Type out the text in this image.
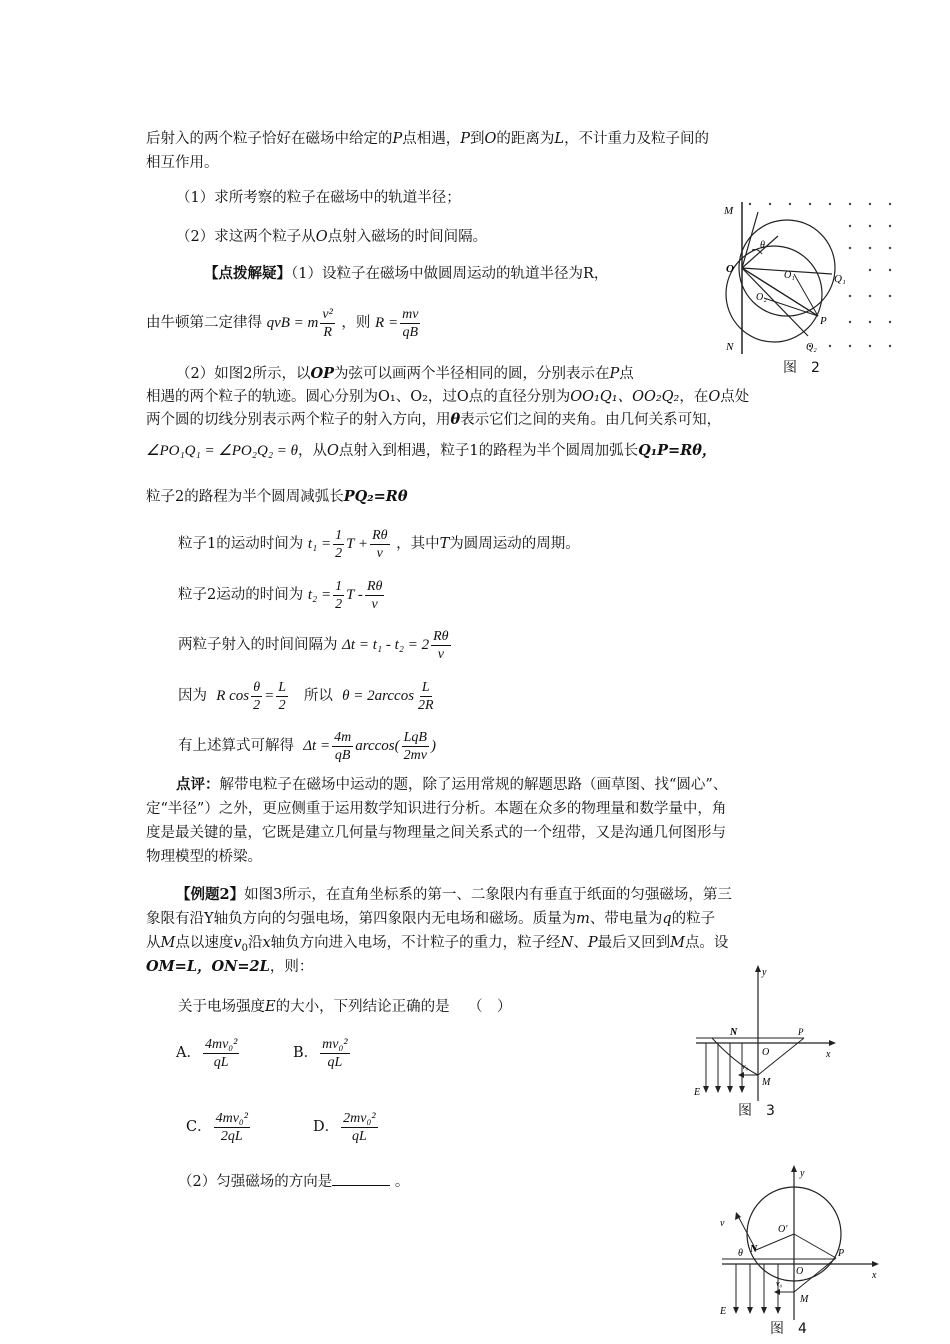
后射入的两个粒子恰好在磁场中给定的P点相遇，P到O的距离为L，不计重力及粒子间的
相互作用。
（1）求所考察的粒子在磁场中的轨道半径；
（2）求这两个粒子从O点射入磁场的时间间隔。
【点拨解疑】（1）设粒子在磁场中做圆周运动的轨道半径为R，
由牛顿第二定律得 qvB = m $\frac{\text{v²}}{R}$ ，则 $R = \frac{mv}{qB}$
（2）如图2所示，以OP为弦可以画两个半径相同的圆，分别表示在P点
相遇的两个粒子的轨迹。圆心分别为O₁、O₂，过O点的直径分别为OO₁Q₁、OO₂Q₂，在O点处
两个圆的切线分别表示两个粒子的射入方向，用θ表示它们之间的夹角。由几何关系可知，
∠PO₁Q₁ = ∠PO₂Q₂ = θ，从O点射入到相遇，粒子1的路程为半个圆周加弧长Q₁P=Rθ，
粒子2的路程为半个圆周减弧长PQ₂=Rθ
粒子1的运动时间为 $t_1 = \frac{1}{2}$ $T + \frac{R\theta}{v}$ ，其中T为圆周运动的周期。
粒子2运动的时间为 $t_2 = \frac{1}{2}$ T - $\frac{R\theta}{v}$
两粒子射入的时间间隔为 $\Delta t = t_1 - t_2 = 2 \frac{R\theta}{v}$
因为 R $\cos \frac{\theta}{2} = \frac{L}{2}$ 所以 $\theta = 2\arccos \frac{L}{2R}$
有上述算式可解得 $\Delta t = \frac{4m}{qB} \arccos( \frac{\text{LqB}}{2mv}$ )
点评：解带电粒子在磁场中运动的题，除了运用常规的解题思路（画草图、找“圆心”、
定“半径”）之外，更应侧重于运用数学知识进行分析。本题在众多的物理量和数学量中，角
度是最关键的量，它既是建立几何量与物理量之间关系式的一个纽带，又是沟通几何图形与
物理模型的桥梁。
【例题2】如图3所示，在直角坐标系的第一、二象限内有垂直于纸面的匀强磁场，第三
象限有沿Y轴负方向的匀强电场，第四象限内无电场和磁场。质量为m、带电量为q的粒子
从M点以速度$v_0$沿x轴负方向进入电场，不计粒子的重力，粒子经N、P最后又回到M点。设
OM=L，ON=2L，则：
关于电场强度E的大小，下列结论正确的是 （　）
A． $\frac{\text{4mv₀²}}{qL}$	B． $\frac{\text{mv₀²}}{qL}$
C． $\frac{\text{4mv₀²}}{2qL}$	D． $\frac{\text{2mv₀²}}{qL}$
（2）匀强磁场的方向是	。
M
N
O
O₁
O₂
Q₁
P
Q₂
θ
图　2
y
x
N	P
O
M
v₀
E
图　3
y
x
v
θ N
O′
O
P
M
v₀
E
图　4
